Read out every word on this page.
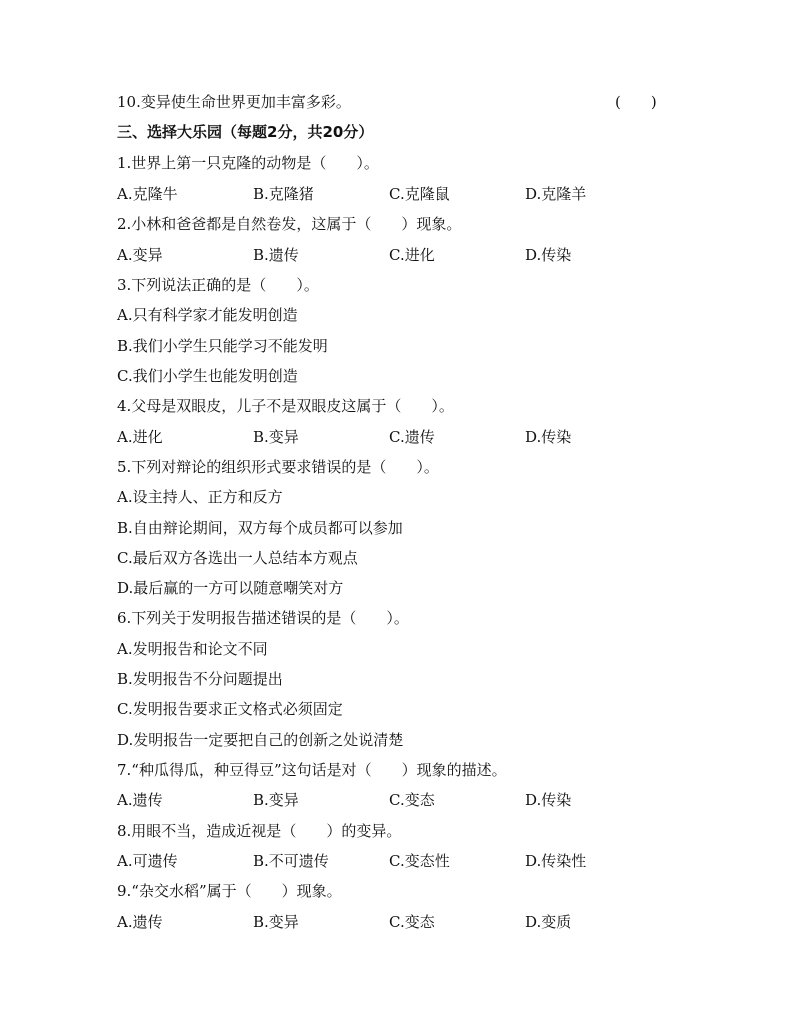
10.变异使生命世界更加丰富多彩。	(　　)
三、选择大乐园（每题2分，共20分）
1.世界上第一只克隆的动物是（　　）。
A.克隆牛	B.克隆猪	C.克隆鼠	D.克隆羊
2.小林和爸爸都是自然卷发，这属于（　　）现象。
A.变异	B.遗传	C.进化	D.传染
3.下列说法正确的是（　　）。
A.只有科学家才能发明创造
B.我们小学生只能学习不能发明
C.我们小学生也能发明创造
4.父母是双眼皮，儿子不是双眼皮这属于（　　）。
A.进化	B.变异	C.遗传	D.传染
5.下列对辩论的组织形式要求错误的是（　　）。
A.设主持人、正方和反方
B.自由辩论期间，双方每个成员都可以参加
C.最后双方各选出一人总结本方观点
D.最后赢的一方可以随意嘲笑对方
6.下列关于发明报告描述错误的是（　　）。
A.发明报告和论文不同
B.发明报告不分问题提出
C.发明报告要求正文格式必须固定
D.发明报告一定要把自己的创新之处说清楚
7.“种瓜得瓜，种豆得豆”这句话是对（　　）现象的描述。
A.遗传	B.变异	C.变态	D.传染
8.用眼不当，造成近视是（　　）的变异。
A.可遗传	B.不可遗传	C.变态性	D.传染性
9.“杂交水稻”属于（　　）现象。
A.遗传	B.变异	C.变态	D.变质
